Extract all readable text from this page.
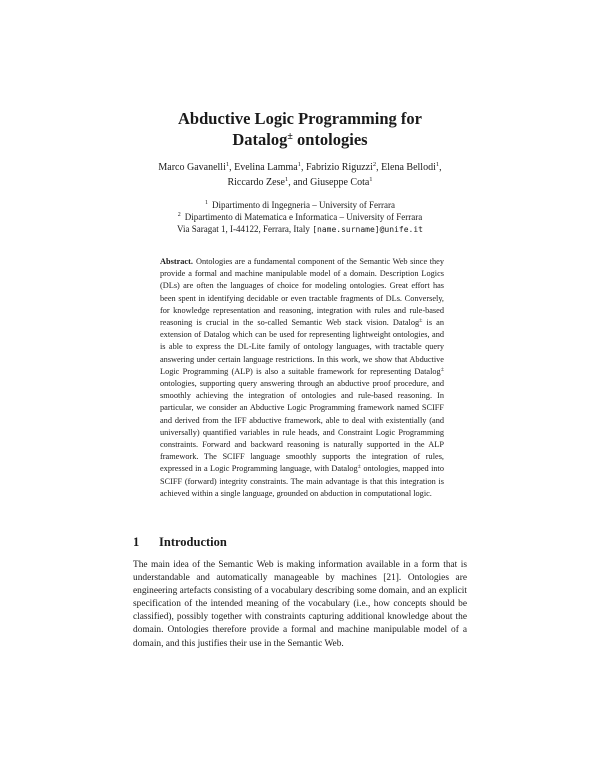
Abductive Logic Programming for
Datalog± ontologies
Marco Gavanelli$^1$, Evelina Lamma$^1$, Fabrizio Riguzzi$^2$, Elena Bellodi$^1$,
Riccardo Zese$^1$, and Giuseppe Cota$^1$
$^1$ Dipartimento di Ingegneria – University of Ferrara
$^2$ Dipartimento di Matematica e Informatica – University of Ferrara
Via Saragat 1, I-44122, Ferrara, Italy [name.surname]@unife.it
Abstract. Ontologies are a fundamental component of the Semantic Web since they provide a formal and machine manipulable model of a domain. Description Logics (DLs) are often the languages of choice for modeling ontologies. Great effort has been spent in identifying decidable or even tractable fragments of DLs. Conversely, for knowledge representation and reasoning, integration with rules and rule-based reasoning is crucial in the so-called Semantic Web stack vision. Datalog± is an extension of Datalog which can be used for representing lightweight ontologies, and is able to express the DL-Lite family of ontology languages, with tractable query answering under certain language restrictions. In this work, we show that Abductive Logic Programming (ALP) is also a suitable framework for representing Datalog± ontologies, supporting query answering through an abductive proof procedure, and smoothly achieving the integration of ontologies and rule-based reasoning. In particular, we consider an Abductive Logic Programming framework named SCIFF and derived from the IFF abductive framework, able to deal with existentially (and universally) quantified variables in rule heads, and Constraint Logic Programming constraints. Forward and backward reasoning is naturally supported in the ALP framework. The SCIFF language smoothly supports the integration of rules, expressed in a Logic Programming language, with Datalog± ontologies, mapped into SCIFF (forward) integrity constraints. The main advantage is that this integration is achieved within a single language, grounded on abduction in computational logic.
1 Introduction
The main idea of the Semantic Web is making information available in a form that is understandable and automatically manageable by machines [21]. Ontologies are engineering artefacts consisting of a vocabulary describing some domain, and an explicit specification of the intended meaning of the vocabulary (i.e., how concepts should be classified), possibly together with constraints capturing additional knowledge about the domain. Ontologies therefore provide a formal and machine manipulable model of a domain, and this justifies their use in the Semantic Web.
